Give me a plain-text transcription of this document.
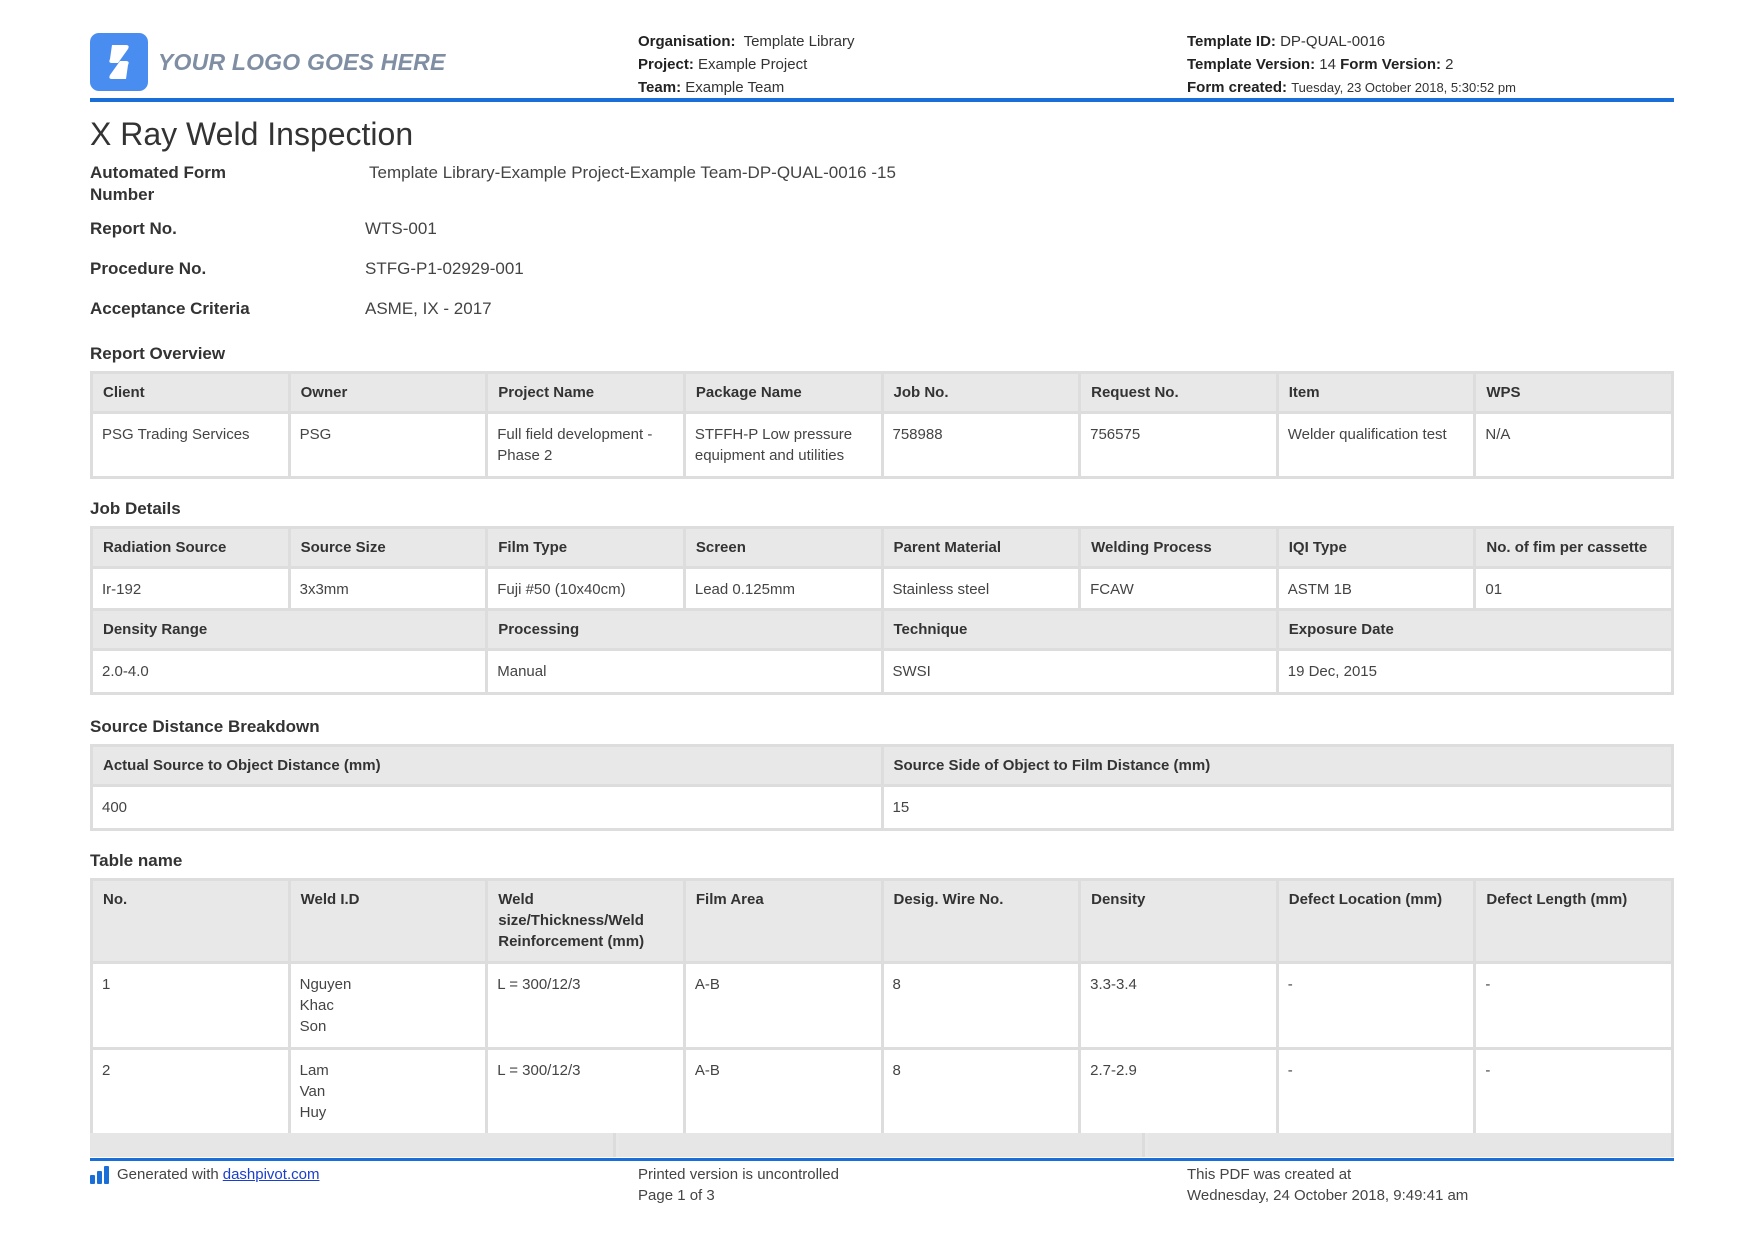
YOUR LOGO GOES HERE
Organisation: Template Library
Project: Example Project
Team: Example Team
Template ID: DP-QUAL-0016
Template Version: 14 Form Version: 2
Form created: Tuesday, 23 October 2018, 5:30:52 pm
X Ray Weld Inspection
Automated Form Number
Template Library-Example Project-Example Team-DP-QUAL-0016 -15
Report No.	WTS-001
Procedure No.	STFG-P1-02929-001
Acceptance Criteria	ASME, IX - 2017
Report Overview
Client	Owner	Project Name	Package Name	Job No.	Request No.	Item	WPS
PSG Trading Services	PSG	Full field development - Phase 2	STFFH-P Low pressure equipment and utilities	758988	756575	Welder qualification test	N/A
Job Details
Radiation Source	Source Size	Film Type	Screen	Parent Material	Welding Process	IQI Type	No. of fim per cassette
Ir-192	3x3mm	Fuji #50 (10x40cm)	Lead 0.125mm	Stainless steel	FCAW	ASTM 1B	01
Density Range	Processing	Technique	Exposure Date
2.0-4.0	Manual	SWSI	19 Dec, 2015
Source Distance Breakdown
Actual Source to Object Distance (mm)	Source Side of Object to Film Distance (mm)
400	15
Table name
No.	Weld I.D	Weld size/Thickness/Weld Reinforcement (mm)	Film Area	Desig. Wire No.	Density	Defect Location (mm)	Defect Length (mm)
1	Nguyen
Khac
Son	L = 300/12/3	A-B	8	3.3-3.4	-	-
2	Lam
Van
Huy	L = 300/12/3	A-B	8	2.7-2.9	-	-
Generated with dashpivot.com	Printed version is uncontrolled
Page 1 of 3
This PDF was created at
Wednesday, 24 October 2018, 9:49:41 am
